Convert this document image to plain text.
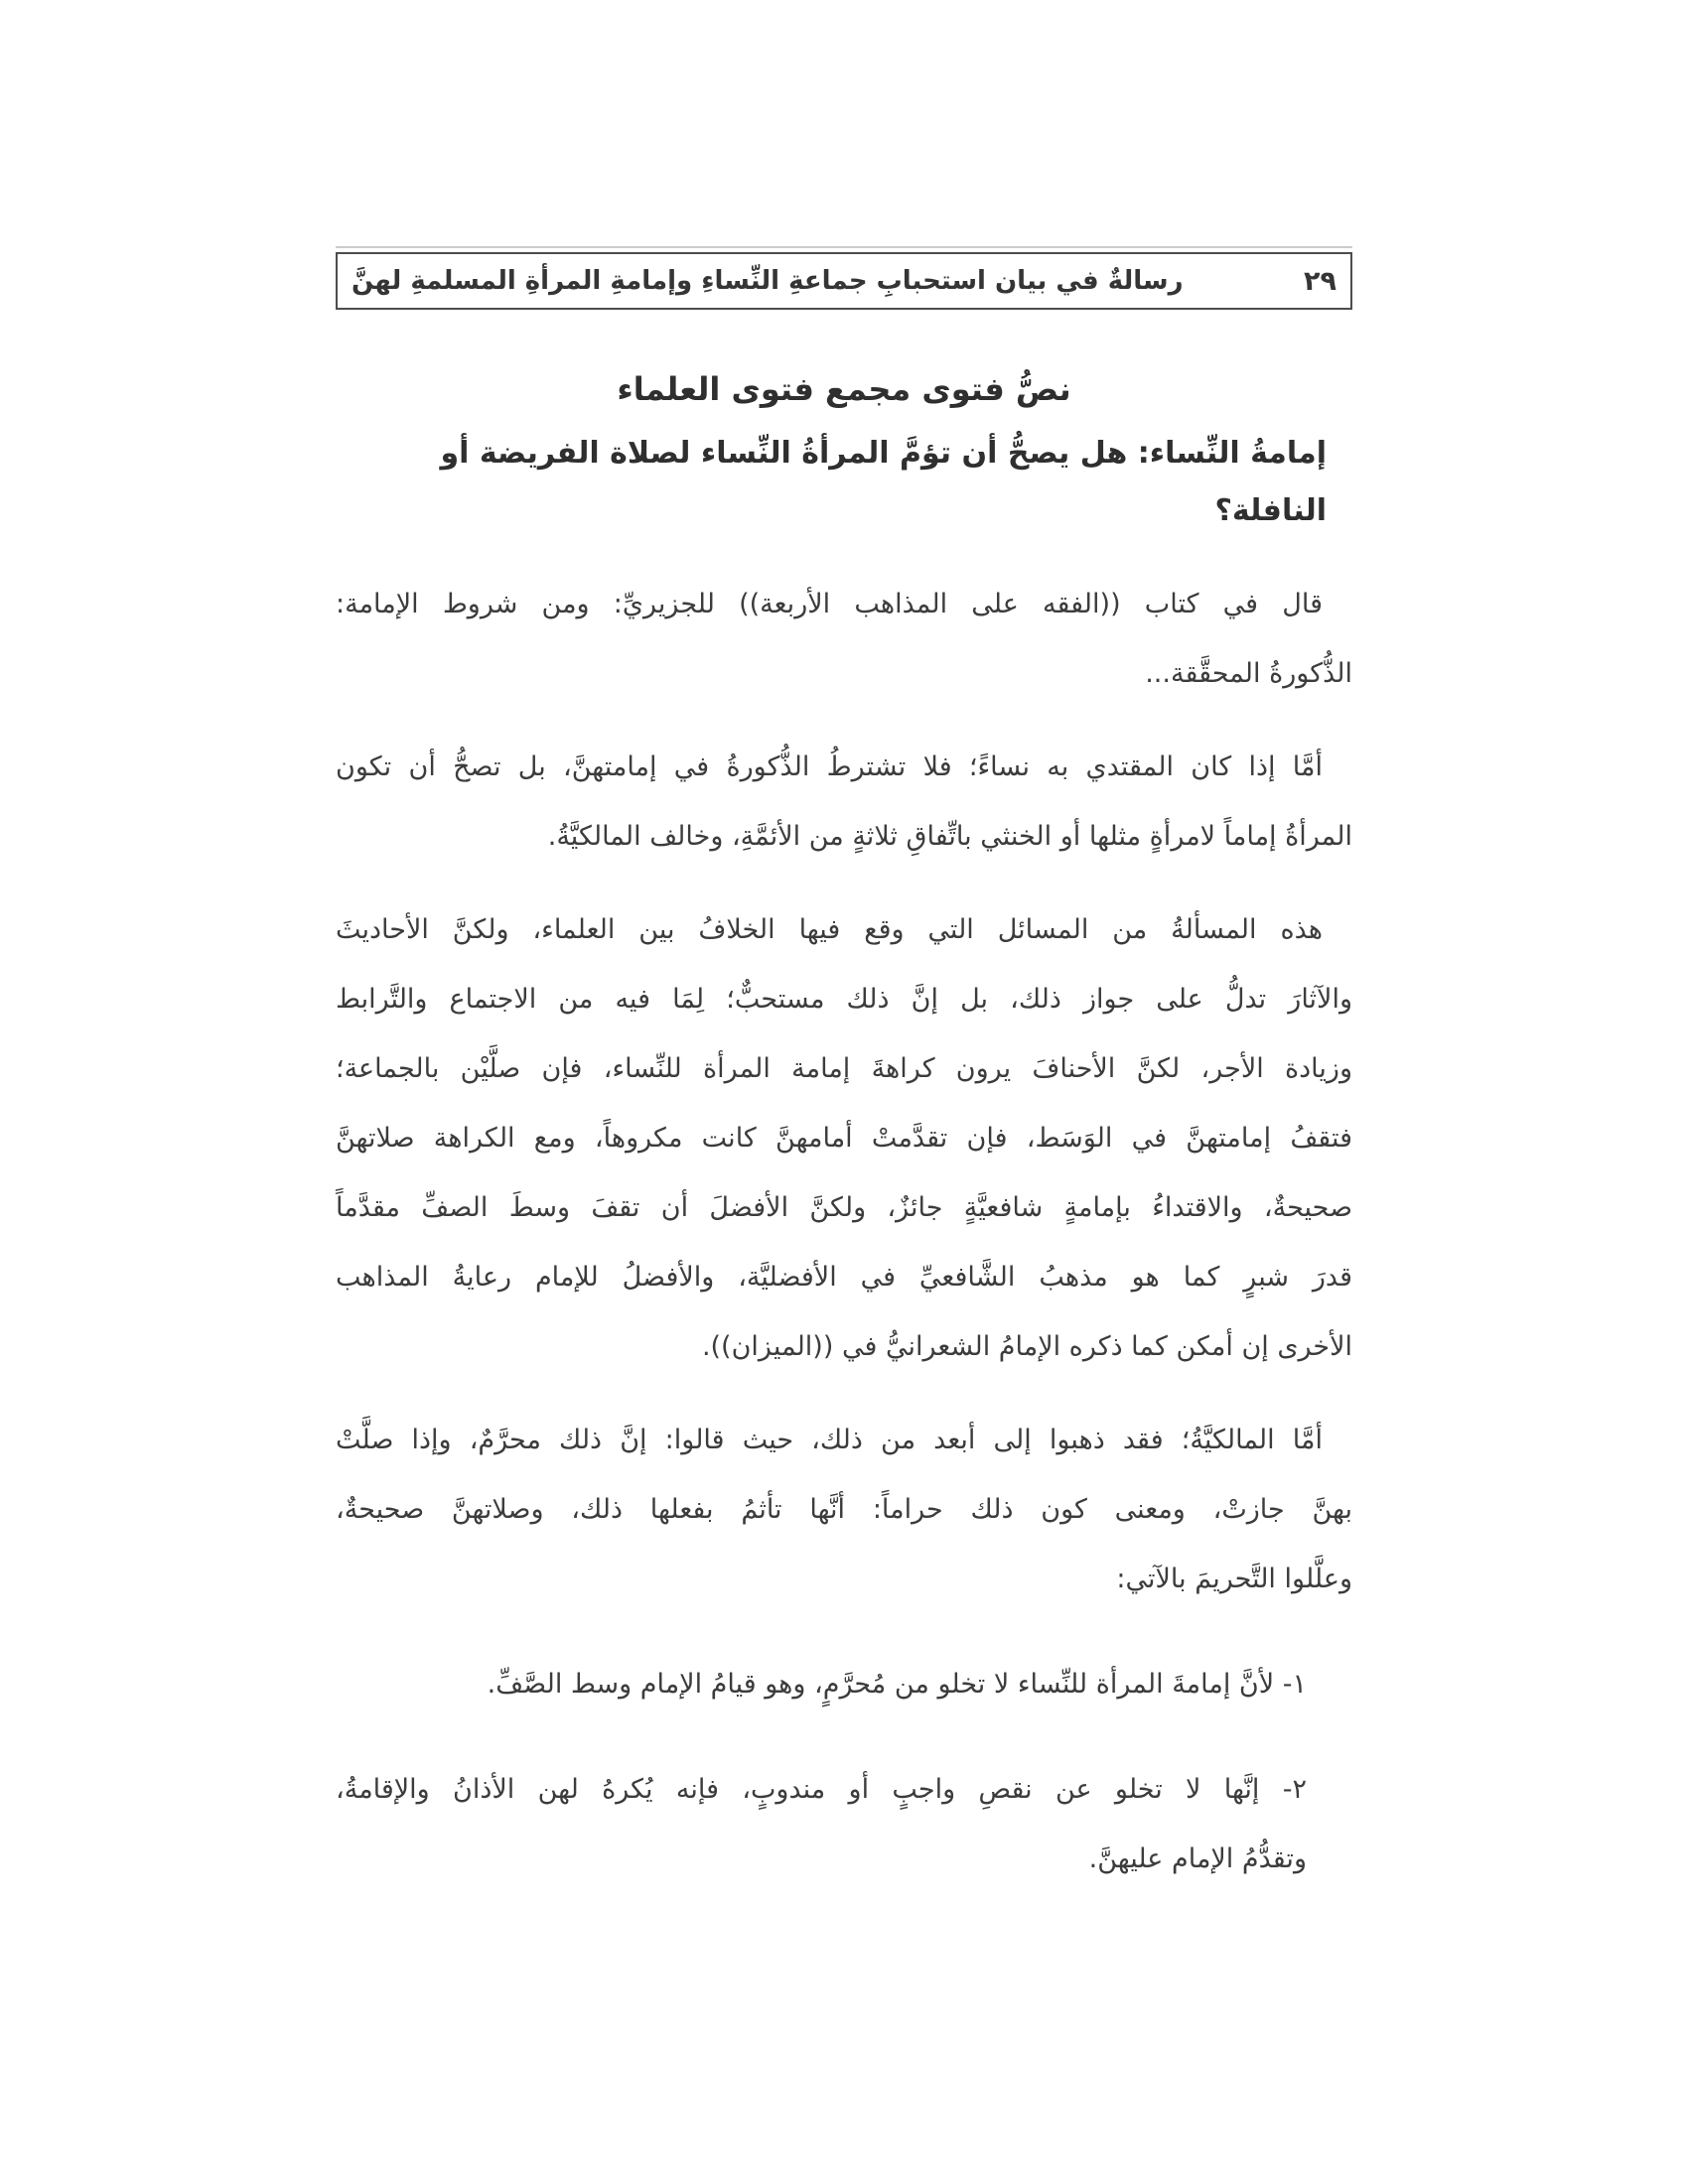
رسالةٌ في بيان استحبابِ جماعةِ النِّساءِ وإمامةِ المرأةِ المسلمةِ لهنَّ	٢٩
نصُّ فتوى مجمع فتوى العلماء
إمامةُ النِّساء: هل يصحُّ أن تؤمَّ المرأةُ النِّساء لصلاة الفريضة أو النافلة؟
قال في كتاب ((الفقه على المذاهب الأربعة)) للجزيريِّ: ومن شروط الإمامة:
الذُّكورةُ المحقَّقة...
أمَّا إذا كان المقتدي به نساءً؛ فلا تشترطُ الذُّكورةُ في إمامتهنَّ، بل تصحُّ أن تكون
المرأةُ إماماً لامرأةٍ مثلها أو الخنثي باتِّفاقِ ثلاثةٍ من الأئمَّةِ، وخالف المالكيَّةُ.
هذه المسألةُ من المسائل التي وقع فيها الخلافُ بين العلماء، ولكنَّ الأحاديثَ
والآثارَ تدلُّ على جواز ذلك، بل إنَّ ذلك مستحبٌّ؛ لِمَا فيه من الاجتماع والتَّرابط
وزيادة الأجر، لكنَّ الأحنافَ يرون كراهةَ إمامة المرأة للنِّساء، فإن صلَّيْن بالجماعة؛
فتقفُ إمامتهنَّ في الوَسَط، فإن تقدَّمتْ أمامهنَّ كانت مكروهاً، ومع الكراهة صلاتهنَّ
صحيحةٌ، والاقتداءُ بإمامةٍ شافعيَّةٍ جائزٌ، ولكنَّ الأفضلَ أن تقفَ وسطَ الصفِّ مقدَّماً
قدرَ شبرٍ كما هو مذهبُ الشَّافعيِّ في الأفضليَّة، والأفضلُ للإمام رعايةُ المذاهب
الأخرى إن أمكن كما ذكره الإمامُ الشعرانيُّ في ((الميزان)).
أمَّا المالكيَّةُ؛ فقد ذهبوا إلى أبعد من ذلك، حيث قالوا: إنَّ ذلك محرَّمٌ، وإذا صلَّتْ
بهنَّ جازتْ، ومعنى كون ذلك حراماً: أنَّها تأثمُ بفعلها ذلك، وصلاتهنَّ صحيحةٌ،
وعلَّلوا التَّحريمَ بالآتي:
١- لأنَّ إمامةَ المرأة للنِّساء لا تخلو من مُحرَّمٍ، وهو قيامُ الإمام وسط الصَّفِّ.
٢- إنَّها لا تخلو عن نقصِ واجبٍ أو مندوبٍ، فإنه يُكرهُ لهن الأذانُ والإقامةُ،
وتقدُّمُ الإمام عليهنَّ.
